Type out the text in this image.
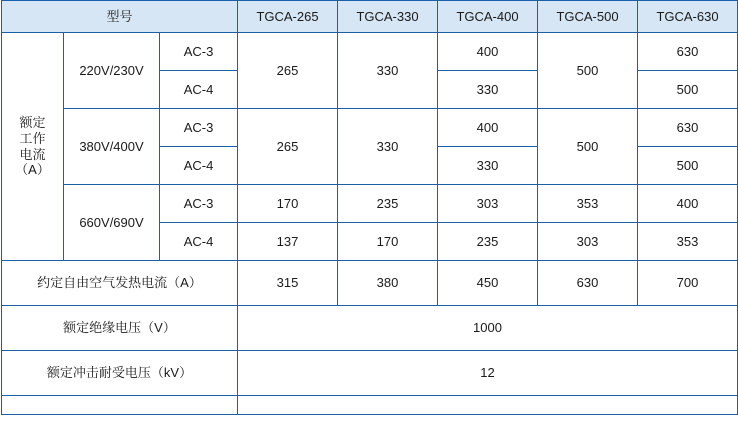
型号			TGCA-265	TGCA-330	TGCA-400	TGCA-500	TGCA-630

额定
工作
电流
（A）	220V/230V	AC-3	265	330	400	500	630
		AC-4			330		500
	380V/400V	AC-3	265	330	400	500	630
		AC-4			330		500
	660V/690V	AC-3	170	235	303	353	400
		AC-4	137	170	235	303	353
约定自由空气发热电流（A）			315	380	450	630	700
额定绝缘电压（V）			1000				
额定冲击耐受电压（kV）			12				
